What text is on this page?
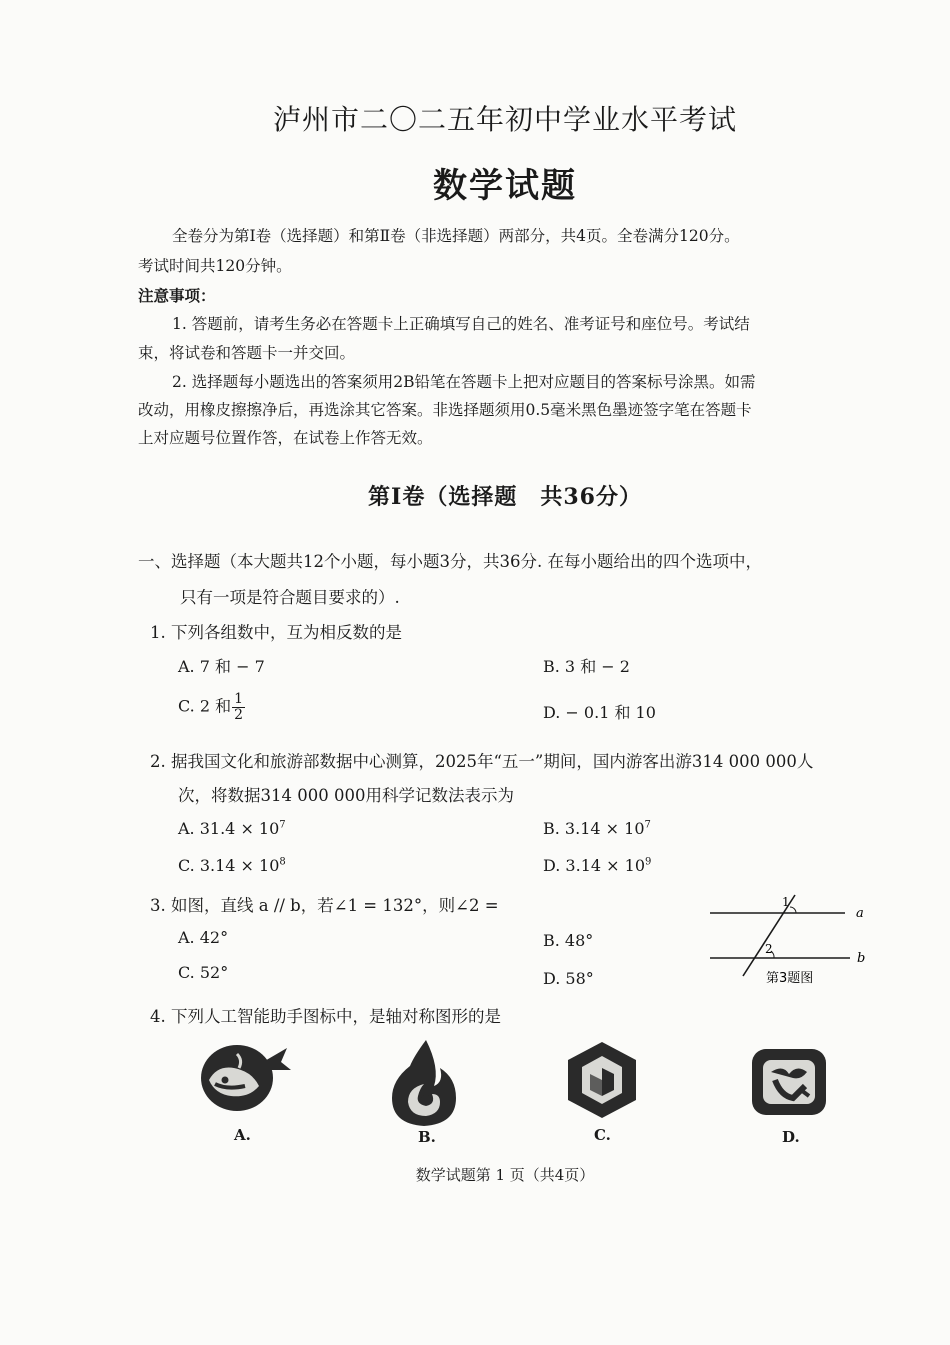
泸州市二〇二五年初中学业水平考试
数学试题
全卷分为第Ⅰ卷（选择题）和第Ⅱ卷（非选择题）两部分，共4页。全卷满分120分。
考试时间共120分钟。
注意事项：
1. 答题前，请考生务必在答题卡上正确填写自己的姓名、准考证号和座位号。考试结
束，将试卷和答题卡一并交回。
2. 选择题每小题选出的答案须用2B铅笔在答题卡上把对应题目的答案标号涂黑。如需
改动，用橡皮擦擦净后，再选涂其它答案。非选择题须用0.5毫米黑色墨迹签字笔在答题卡
上对应题号位置作答，在试卷上作答无效。
第Ⅰ卷（选择题　共36分）
一、选择题（本大题共12个小题，每小题3分，共36分. 在每小题给出的四个选项中，
只有一项是符合题目要求的）.
1. 下列各组数中，互为相反数的是
A. 7 和 − 7	B. 3 和 − 2
C. 2 和 $\frac{1}{2}$	D. − 0.1 和 10
2. 据我国文化和旅游部数据中心测算，2025年“五一”期间，国内游客出游314 000 000人
次，将数据314 000 000用科学记数法表示为
A. $31.4 \times 10^7$	B. $3.14 \times 10^7$
C. $3.14 \times 10^8$	D. $3.14 \times 10^9$
3. 如图，直线 a // b，若∠1 = 132°，则∠2 =
A. 42°	B. 48°
C. 52°	D. 58°
1
2
a
b
第3题图
4. 下列人工智能助手图标中，是轴对称图形的是
A.	B.	C.	D.
数学试题第 1 页（共4页）
